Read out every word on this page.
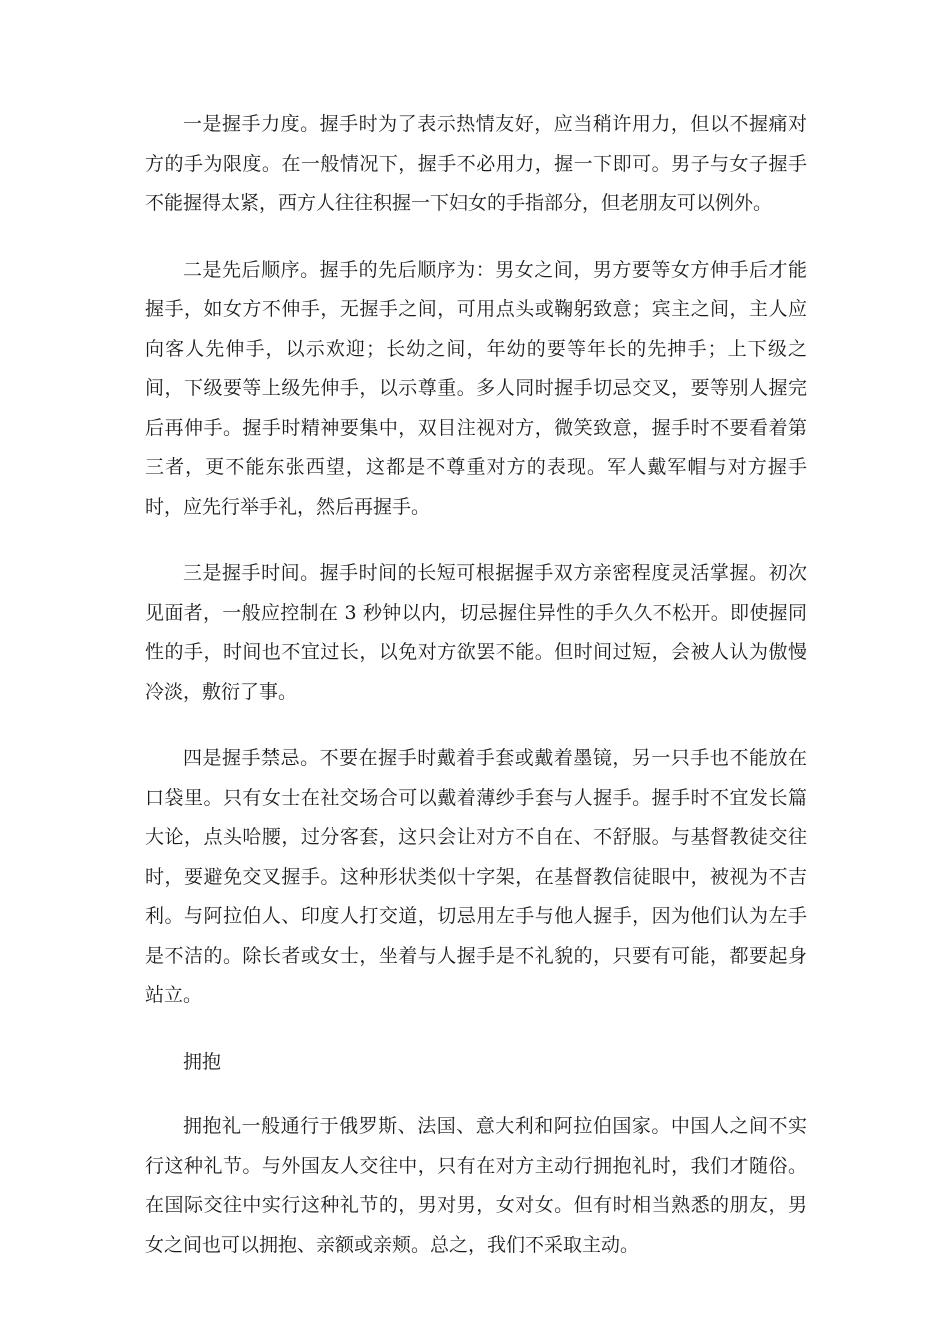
一是握手力度。握手时为了表示热情友好，应当稍许用力，但以不握痛对方的手为限度。在一般情况下，握手不必用力，握一下即可。男子与女子握手不能握得太紧，西方人往往积握一下妇女的手指部分，但老朋友可以例外。

二是先后顺序。握手的先后顺序为：男女之间，男方要等女方伸手后才能握手，如女方不伸手，无握手之间，可用点头或鞠躬致意；宾主之间，主人应向客人先伸手，以示欢迎；长幼之间，年幼的要等年长的先抻手；上下级之间，下级要等上级先伸手，以示尊重。多人同时握手切忌交叉，要等别人握完后再伸手。握手时精神要集中，双目注视对方，微笑致意，握手时不要看着第三者，更不能东张西望，这都是不尊重对方的表现。军人戴军帽与对方握手时，应先行举手礼，然后再握手。

三是握手时间。握手时间的长短可根据握手双方亲密程度灵活掌握。初次见面者，一般应控制在 3 秒钟以内，切忌握住异性的手久久不松开。即使握同性的手，时间也不宜过长，以免对方欲罢不能。但时间过短，会被人认为傲慢冷淡，敷衍了事。

四是握手禁忌。不要在握手时戴着手套或戴着墨镜，另一只手也不能放在口袋里。只有女士在社交场合可以戴着薄纱手套与人握手。握手时不宜发长篇大论，点头哈腰，过分客套，这只会让对方不自在、不舒服。与基督教徒交往时，要避免交叉握手。这种形状类似十字架，在基督教信徒眼中，被视为不吉利。与阿拉伯人、印度人打交道，切忌用左手与他人握手，因为他们认为左手是不洁的。除长者或女士，坐着与人握手是不礼貌的，只要有可能，都要起身站立。

拥抱

拥抱礼一般通行于俄罗斯、法国、意大利和阿拉伯国家。中国人之间不实行这种礼节。与外国友人交往中，只有在对方主动行拥抱礼时，我们才随俗。在国际交往中实行这种礼节的，男对男，女对女。但有时相当熟悉的朋友，男女之间也可以拥抱、亲额或亲颊。总之，我们不采取主动。
